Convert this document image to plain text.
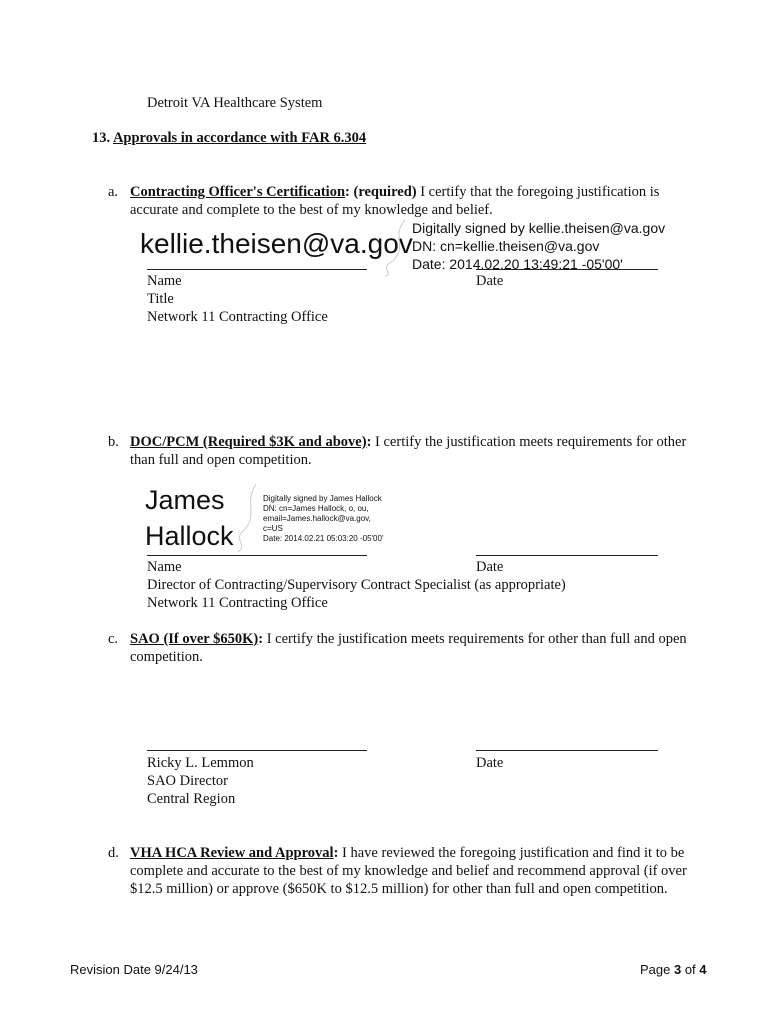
Detroit VA Healthcare System
13. Approvals in accordance with FAR 6.304
a. Contracting Officer's Certification: (required) I certify that the foregoing justification is accurate and complete to the best of my knowledge and belief.
kellie.theisen@va.gov Digitally signed by kellie.theisen@va.gov
DN: cn=kellie.theisen@va.gov
Date: 2014.02.20 13:49:21 -05'00'
Name	Date
Title
Network 11 Contracting Office
b. DOC/PCM (Required $3K and above): I certify the justification meets requirements for other than full and open competition.
James
Hallock
Digitally signed by James Hallock
DN: cn=James Hallock, o, ou,
email=James.hallock@va.gov,
c=US
Date: 2014.02.21 05:03:20 -05'00'
Name	Date
Director of Contracting/Supervisory Contract Specialist (as appropriate)
Network 11 Contracting Office
c. SAO (If over $650K): I certify the justification meets requirements for other than full and open competition.
Ricky L. Lemmon	Date
SAO Director
Central Region
d. VHA HCA Review and Approval: I have reviewed the foregoing justification and find it to be complete and accurate to the best of my knowledge and belief and recommend approval (if over $12.5 million) or approve ($650K to $12.5 million) for other than full and open competition.
Revision Date 9/24/13	Page 3 of 4
